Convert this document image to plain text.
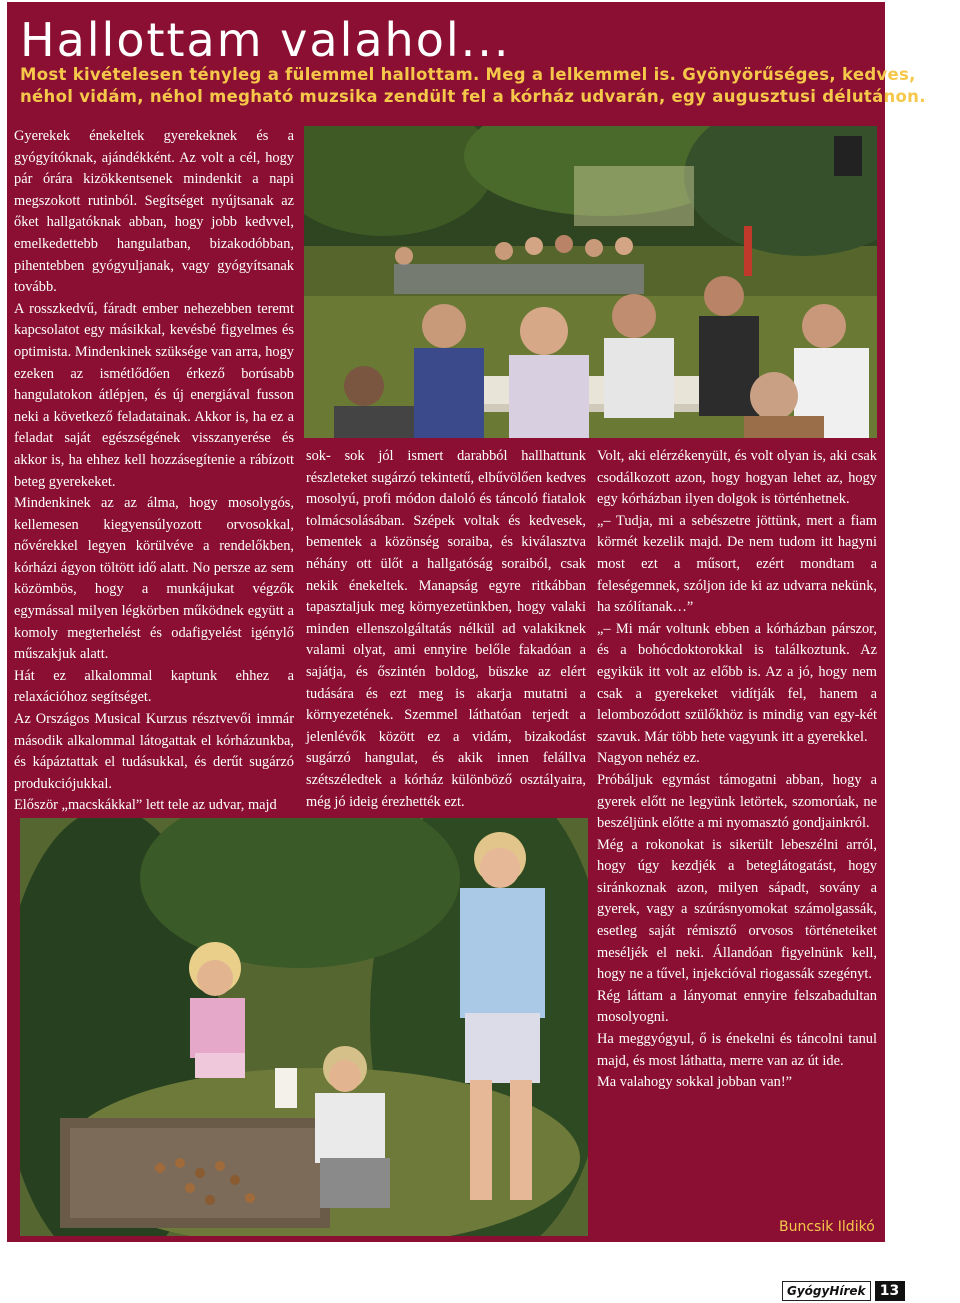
Hallottam valahol...
Most kivételesen tényleg a fülemmel hallottam. Meg a lelkemmel is. Gyönyörűséges, kedves,
néhol vidám, néhol megható muzsika zendült fel a kórház udvarán, egy augusztusi délutánon.

Gyerekek énekeltek gyerekeknek és a gyógyítóknak, ajándékként. Az volt a cél, hogy pár órára kizökkentsenek mindenkit a napi megszokott rutinból. Segítséget nyújtsanak az őket hallgatóknak abban, hogy jobb kedvvel, emelkedettebb hangulatban, bizakodóbban, pihentebben gyógyuljanak, vagy gyógyítsanak tovább.

A rosszkedvű, fáradt ember nehezebben teremt kapcsolatot egy másikkal, kevésbé figyelmes és optimista. Mindenkinek szüksége van arra, hogy ezeken az ismétlődően érkező borúsabb hangulatokon átlépjen, és új energiával fusson neki a következő feladatainak. Akkor is, ha ez a feladat saját egészségének visszanyerése és akkor is, ha ehhez kell hozzásegítenie a rábízott beteg gyerekeket.

Mindenkinek az az álma, hogy mosolygós, kellemesen kiegyensúlyozott orvosokkal, nővérekkel legyen körülvéve a rendelőkben, kórházi ágyon töltött idő alatt. No persze az sem közömbös, hogy a munkájukat végzők egymással milyen légkörben működnek együtt a komoly megterhelést és odafigyelést igénylő műszakjuk alatt.

Hát ez alkalommal kaptunk ehhez a relaxációhoz segítséget.

Az Országos Musical Kurzus résztvevői immár második alkalommal látogattak el kórházunkba, és kápáztattak el tudásukkal, és derűt sugárzó produkciójukkal.

Először „macskákkal” lett tele az udvar, majd

sok- sok jól ismert darabból hallhattunk részleteket sugárzó tekintetű, elbűvölően kedves mosolyú, profi módon daloló és táncoló fiatalok tolmácsolásában. Szépek voltak és kedvesek, bementek a közönség soraiba, és kiválasztva néhány ott ülőt a hallgatóság soraiból, csak nekik énekeltek. Manapság egyre ritkábban tapasztaljuk meg környezetünkben, hogy valaki minden ellenszolgáltatás nélkül ad valakiknek valami olyat, ami ennyire belőle fakadóan a sajátja, és őszintén boldog, büszke az elért tudására és ezt meg is akarja mutatni a környezetének. Szemmel láthatóan terjedt a jelenlévők között ez a vidám, bizakodást sugárzó hangulat, és akik innen felállva szétszéledtek a kórház különböző osztályaira, még jó ideig érezhették ezt.

Volt, aki elérzékenyült, és volt olyan is, aki csak csodálkozott azon, hogy hogyan lehet az, hogy egy kórházban ilyen dolgok is történhetnek.

„– Tudja, mi a sebészetre jöttünk, mert a fiam körmét kezelik majd. De nem tudom itt hagyni most ezt a műsort, ezért mondtam a feleségemnek, szóljon ide ki az udvarra nekünk, ha szólítanak…”

„– Mi már voltunk ebben a kórházban párszor, és a bohócdoktorokkal is találkoztunk. Az egyikük itt volt az előbb is. Az a jó, hogy nem csak a gyerekeket vidítják fel, hanem a lelombozódott szülőkhöz is mindig van egy-két szavuk. Már több hete vagyunk itt a gyerekkel.

Nagyon nehéz ez.

Próbáljuk egymást támogatni abban, hogy a gyerek előtt ne legyünk letörtek, szomorúak, ne beszéljünk előtte a mi nyomasztó gondjainkról.

Még a rokonokat is sikerült lebeszélni arról, hogy úgy kezdjék a beteglátogatást, hogy siránkoznak azon, milyen sápadt, sovány a gyerek, vagy a szúrásnyomokat számolgassák, esetleg saját rémisztő orvosos történeteiket meséljék el neki. Állandóan figyelnünk kell, hogy ne a tűvel, injekcióval riogassák szegényt.

Rég láttam a lányomat ennyire felszabadultan mosolyogni.

Ha meggyógyul, ő is énekelni és táncolni tanul majd, és most láthatta, merre van az út ide.

Ma valahogy sokkal jobban van!”

Buncsik Ildikó
GyógyHírek	13
